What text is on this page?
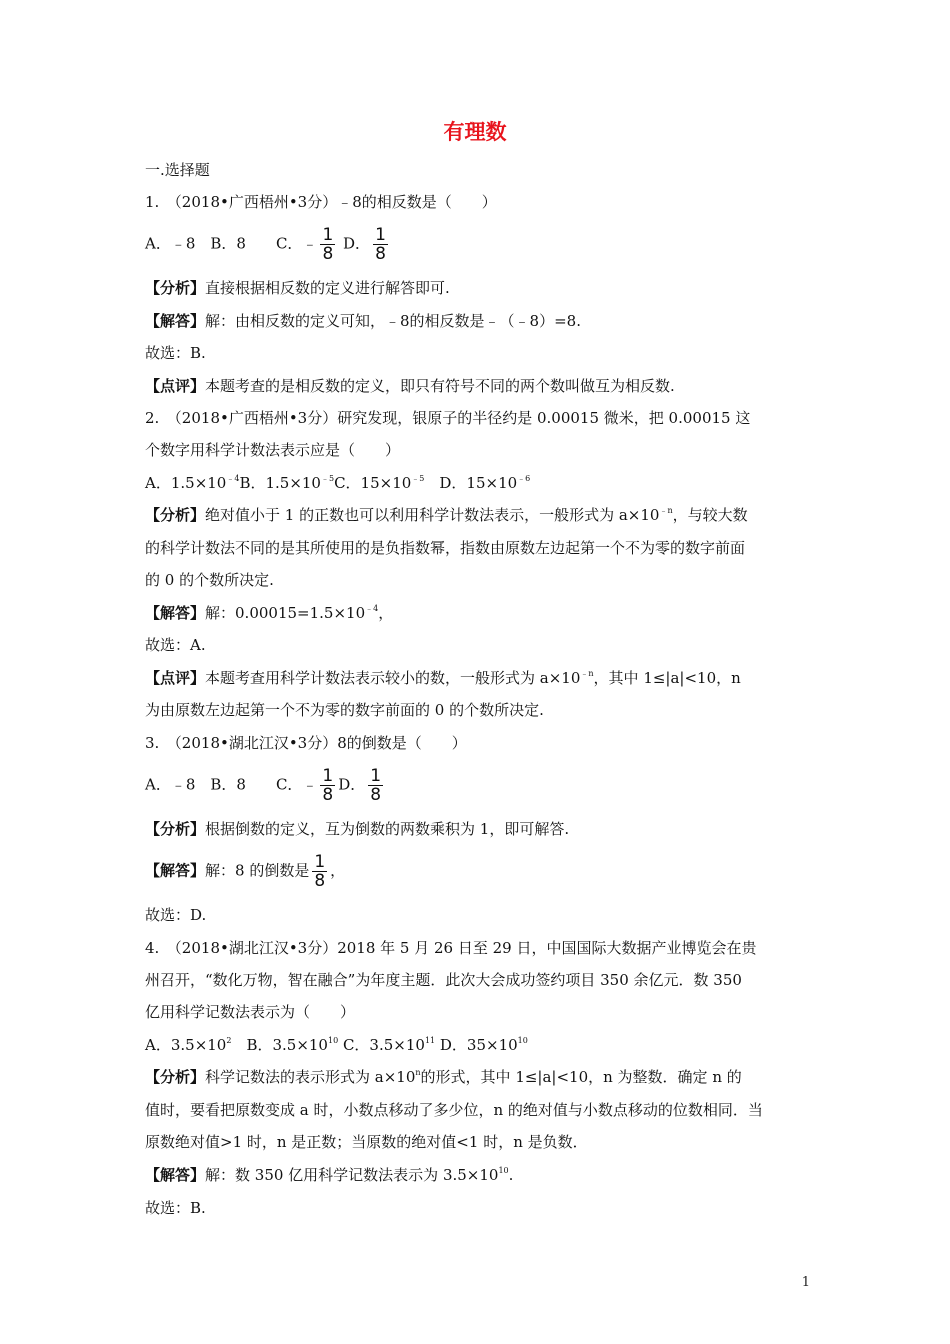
有理数
一.选择题
1.　（2018•广西梧州•3分）﹣8的相反数是（　　）
A．﹣8　B．8　　C．﹣ $\frac{1}{8}$ D． $\frac{1}{8}$
【分析】直接根据相反数的定义进行解答即可.
【解答】解：由相反数的定义可知，﹣8的相反数是﹣（﹣8）=8.
故选：B.
【点评】本题考查的是相反数的定义，即只有符号不同的两个数叫做互为相反数.
2.　（2018•广西梧州•3分）研究发现，银原子的半径约是 0.00015 微米，把 0.00015 这
个数字用科学计数法表示应是（　　）
A．$1.5\times 10^{﹣4}B$．$1.5\times 10^{﹣5}C$．$15\times 10^{﹣5}$　D．$15\times 10^{﹣6}$
【分析】绝对值小于 1 的正数也可以利用科学计数法表示，一般形式为 $a\times 10^{﹣n}$，与较大数
的科学计数法不同的是其所使用的是负指数幂，指数由原数左边起第一个不为零的数字前面
的 0 的个数所决定.
【解答】解：$0.00015=1.5\times 10^{﹣4}$，
故选：A.
【点评】本题考查用科学计数法表示较小的数，一般形式为 $a\times 10^{﹣n}$，其中 1≤|a|<10，n
为由原数左边起第一个不为零的数字前面的 0 的个数所决定.
3.　（2018•湖北江汉•3分）8的倒数是（　　）
A．﹣8　B．8　　C．﹣ $\frac{1}{8}$ D． $\frac{1}{8}$
【分析】根据倒数的定义，互为倒数的两数乘积为 1，即可解答.
【解答】解：8 的倒数是 $\frac{1}{8}$ ，
故选：D.
4.　（2018•湖北江汉•3分）2018 年 5 月 26 日至 29 日，中国国际大数据产业博览会在贵
州召开，“数化万物，智在融合”为年度主题．此次大会成功签约项目 350 余亿元．数 350
亿用科学记数法表示为（　　）
A．$3.5\times 10^2$　B．$3.5\times 10^{10}$ C．$3.5\times 10^{11}$ D．$35\times 10^{10}$
【分析】科学记数法的表示形式为 $a\times 10^n$的形式，其中 1≤|a|<10，n 为整数．确定 n 的
值时，要看把原数变成 a 时，小数点移动了多少位，n 的绝对值与小数点移动的位数相同．当
原数绝对值>1 时，n 是正数；当原数的绝对值<1 时，n 是负数．
【解答】解：数 350 亿用科学记数法表示为 $3.5\times 10^{10}$.
故选：B.
1
